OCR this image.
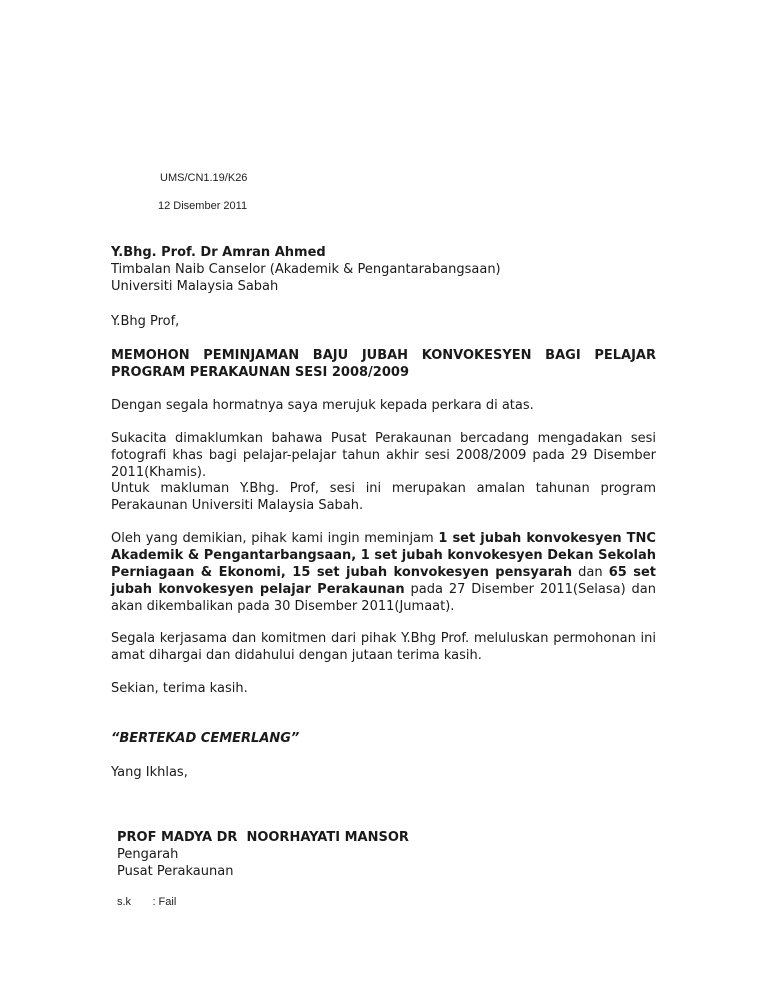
UMS/CN1.19/K26
12 Disember 2011
Y.Bhg. Prof. Dr Amran Ahmed
Timbalan Naib Canselor (Akademik & Pengantarabangsaan)
Universiti Malaysia Sabah
Y.Bhg Prof,
MEMOHON PEMINJAMAN BAJU JUBAH KONVOKESYEN BAGI PELAJAR PROGRAM PERAKAUNAN SESI 2008/2009
Dengan segala hormatnya saya merujuk kepada perkara di atas.
Sukacita dimaklumkan bahawa Pusat Perakaunan bercadang mengadakan sesi fotografi khas bagi pelajar-pelajar tahun akhir sesi 2008/2009 pada 29 Disember 2011(Khamis).
Untuk makluman Y.Bhg. Prof, sesi ini merupakan amalan tahunan program Perakaunan Universiti Malaysia Sabah.
Oleh yang demikian, pihak kami ingin meminjam 1 set jubah konvokesyen TNC Akademik & Pengantarbangsaan, 1 set jubah konvokesyen Dekan Sekolah Perniagaan & Ekonomi, 15 set jubah konvokesyen pensyarah dan 65 set jubah konvokesyen pelajar Perakaunan pada 27 Disember 2011(Selasa) dan akan dikembalikan pada 30 Disember 2011(Jumaat).
Segala kerjasama dan komitmen dari pihak Y.Bhg Prof. meluluskan permohonan ini amat dihargai dan didahului dengan jutaan terima kasih.
Sekian, terima kasih.
“BERTEKAD CEMERLANG”
Yang Ikhlas,
PROF MADYA DR  NOORHAYATI MANSOR
Pengarah
Pusat Perakaunan
s.k       : Fail
